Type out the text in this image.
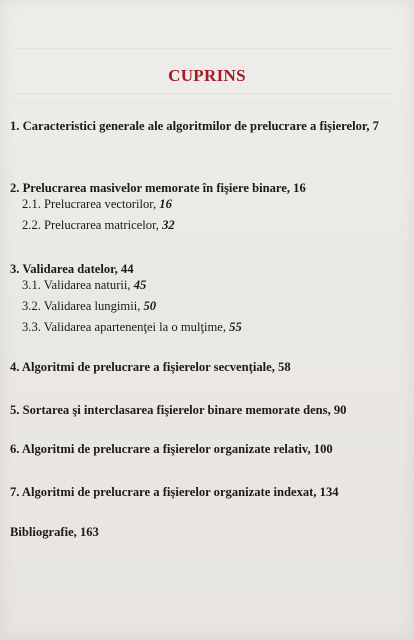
CUPRINS
1. Caracteristici generale ale algoritmilor de prelucrare a fişierelor, 7
2. Prelucrarea masivelor memorate în fişiere binare, 16
2.1. Prelucrarea vectorilor, 16
2.2. Prelucrarea matricelor, 32
3. Validarea datelor, 44
3.1. Validarea naturii, 45
3.2. Validarea lungimii, 50
3.3. Validarea apartenenţei la o mulţime, 55
4. Algoritmi de prelucrare a fişierelor secvenţiale, 58
5. Sortarea şi interclasarea fişierelor binare memorate dens, 90
6. Algoritmi de prelucrare a fişierelor organizate relativ, 100
7. Algoritmi de prelucrare a fişierelor organizate indexat, 134
Bibliografie, 163
